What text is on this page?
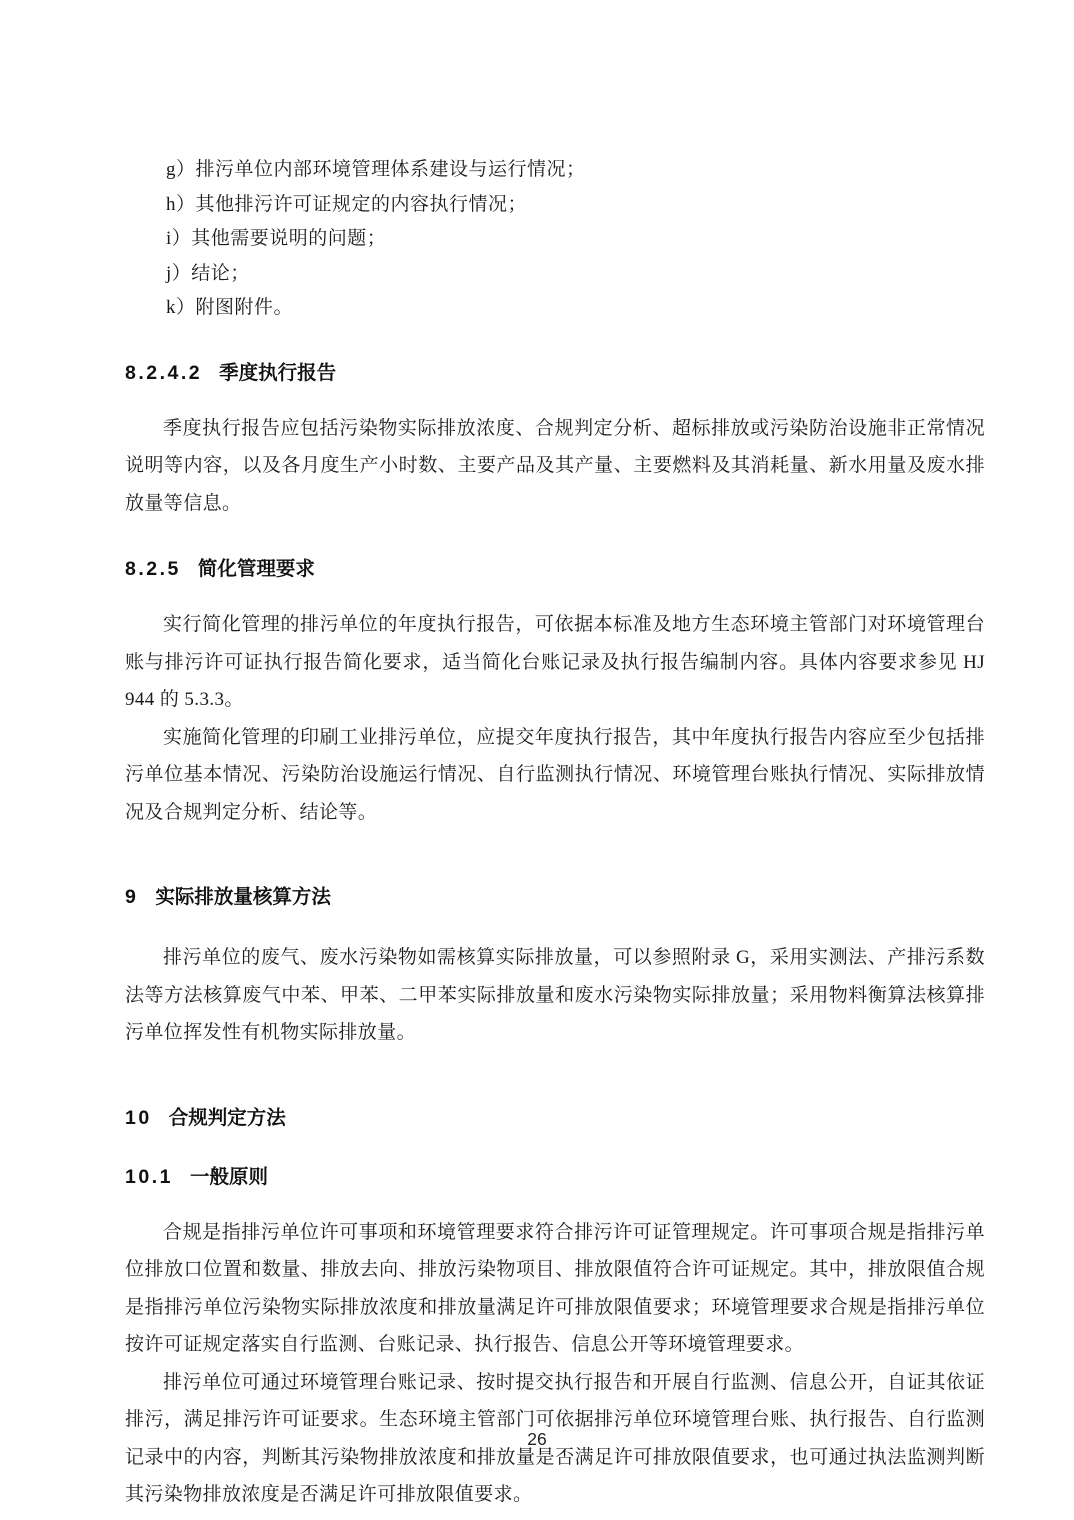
g）排污单位内部环境管理体系建设与运行情况；
h）其他排污许可证规定的内容执行情况；
i）其他需要说明的问题；
j）结论；
k）附图附件。
8.2.4.2 季度执行报告

季度执行报告应包括污染物实际排放浓度、合规判定分析、超标排放或污染防治设施非正常情况说明等内容，以及各月度生产小时数、主要产品及其产量、主要燃料及其消耗量、新水用量及废水排放量等信息。

8.2.5 简化管理要求

实行简化管理的排污单位的年度执行报告，可依据本标准及地方生态环境主管部门对环境管理台账与排污许可证执行报告简化要求，适当简化台账记录及执行报告编制内容。具体内容要求参见 HJ 944 的 5.3.3。

实施简化管理的印刷工业排污单位，应提交年度执行报告，其中年度执行报告内容应至少包括排污单位基本情况、污染防治设施运行情况、自行监测执行情况、环境管理台账执行情况、实际排放情况及合规判定分析、结论等。

9 实际排放量核算方法

排污单位的废气、废水污染物如需核算实际排放量，可以参照附录 G，采用实测法、产排污系数法等方法核算废气中苯、甲苯、二甲苯实际排放量和废水污染物实际排放量；采用物料衡算法核算排污单位挥发性有机物实际排放量。

10 合规判定方法
10.1 一般原则

合规是指排污单位许可事项和环境管理要求符合排污许可证管理规定。许可事项合规是指排污单位排放口位置和数量、排放去向、排放污染物项目、排放限值符合许可证规定。其中，排放限值合规是指排污单位污染物实际排放浓度和排放量满足许可排放限值要求；环境管理要求合规是指排污单位按许可证规定落实自行监测、台账记录、执行报告、信息公开等环境管理要求。

排污单位可通过环境管理台账记录、按时提交执行报告和开展自行监测、信息公开，自证其依证排污，满足排污许可证要求。生态环境主管部门可依据排污单位环境管理台账、执行报告、自行监测记录中的内容，判断其污染物排放浓度和排放量是否满足许可排放限值要求，也可通过执法监测判断其污染物排放浓度是否满足许可排放限值要求。

26
